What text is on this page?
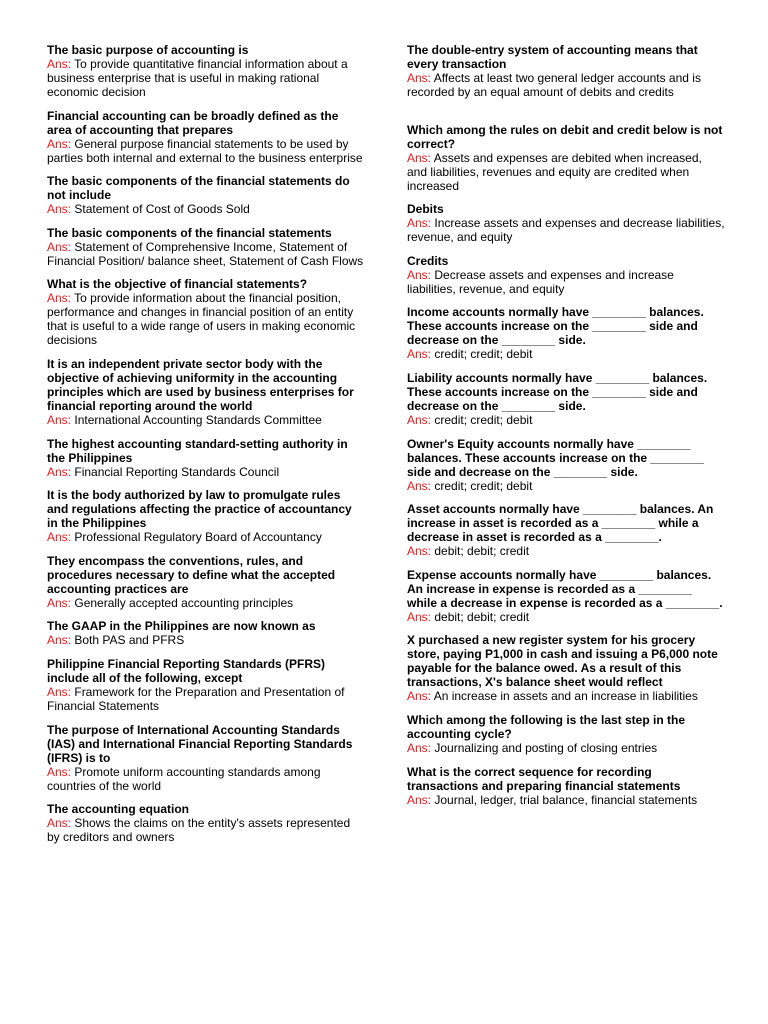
The basic purpose of accounting is
Ans: To provide quantitative financial information about a business enterprise that is useful in making rational economic decision
Financial accounting can be broadly defined as the area of accounting that prepares
Ans: General purpose financial statements to be used by parties both internal and external to the business enterprise
The basic components of the financial statements do not include
Ans: Statement of Cost of Goods Sold
The basic components of the financial statements
Ans: Statement of Comprehensive Income, Statement of Financial Position/ balance sheet, Statement of Cash Flows
What is the objective of financial statements?
Ans: To provide information about the financial position, performance and changes in financial position of an entity that is useful to a wide range of users in making economic decisions
It is an independent private sector body with the objective of achieving uniformity in the accounting principles which are used by business enterprises for financial reporting around the world
Ans: International Accounting Standards Committee
The highest accounting standard-setting authority in the Philippines
Ans: Financial Reporting Standards Council
It is the body authorized by law to promulgate rules and regulations affecting the practice of accountancy in the Philippines
Ans: Professional Regulatory Board of Accountancy
They encompass the conventions, rules, and procedures necessary to define what the accepted accounting practices are
Ans: Generally accepted accounting principles
The GAAP in the Philippines are now known as
Ans: Both PAS and PFRS
Philippine Financial Reporting Standards (PFRS) include all of the following, except
Ans: Framework for the Preparation and Presentation of Financial Statements
The purpose of International Accounting Standards (IAS) and International Financial Reporting Standards (IFRS) is to
Ans: Promote uniform accounting standards among countries of the world
The accounting equation
Ans: Shows the claims on the entity's assets represented by creditors and owners
The double-entry system of accounting means that every transaction
Ans: Affects at least two general ledger accounts and is recorded by an equal amount of debits and credits
Which among the rules on debit and credit below is not correct?
Ans: Assets and expenses are debited when increased, and liabilities, revenues and equity are credited when increased
Debits
Ans: Increase assets and expenses and decrease liabilities, revenue, and equity
Credits
Ans: Decrease assets and expenses and increase liabilities, revenue, and equity
Income accounts normally have ________ balances. These accounts increase on the ________ side and decrease on the ________ side.
Ans: credit; credit; debit
Liability accounts normally have ________ balances. These accounts increase on the ________ side and decrease on the ________ side.
Ans: credit; credit; debit
Owner's Equity accounts normally have ________ balances. These accounts increase on the ________ side and decrease on the ________ side.
Ans: credit; credit; debit
Asset accounts normally have ________ balances. An increase in asset is recorded as a ________ while a decrease in asset is recorded as a ________.
Ans: debit; debit; credit
Expense accounts normally have ________ balances. An increase in expense is recorded as a ________ while a decrease in expense is recorded as a ________.
Ans: debit; debit; credit
X purchased a new register system for his grocery store, paying P1,000 in cash and issuing a P6,000 note payable for the balance owed. As a result of this transactions, X's balance sheet would reflect
Ans: An increase in assets and an increase in liabilities
Which among the following is the last step in the accounting cycle?
Ans: Journalizing and posting of closing entries
What is the correct sequence for recording transactions and preparing financial statements
Ans: Journal, ledger, trial balance, financial statements
